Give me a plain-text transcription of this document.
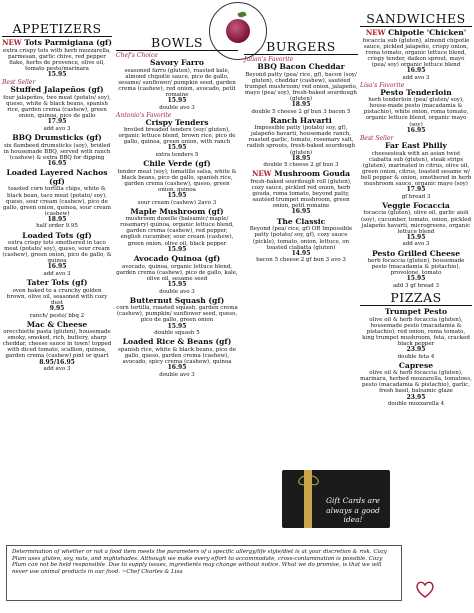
APPETIZERS
NEW Tots Parmigiana (gf)
extra crispy tots with herb mozzarella, parmesan, garlic chive, red pepper flake, herbs de provence, olive oil, tomato pesto/marinara
15.95
Best Seller
Stuffed Jalapeños (gf)
four jalapeños, two meat (potato/ soy), queso, white & black beans, spanish rice, garden crema (cashew), green onion, quinoa, pico de gallo
17.95
add avo 3
BBQ Drumsticks (gf)
six flambeed drumsticks (soy), broiled in housemade BBQ, served with ranch (cashew) & extra BBQ for dipping
16.95
Loaded Layered Nachos (gf)
toasted corn tortilla chips, white & black bean, taco meat (potato/ soy), queso, sour cream (cashew), pico de gallo, green onion, quinoa, sour cream (cashew)
18.95
half order 9.95
Loaded Tots (gf)
extra crispy tots smothered in taco meat (potato/ soy), queso, sour cream (cashew), green onion, pico de gallo, & quinoa
16.95
add avo 3
Tater Tots (gf)
oven baked to a crunchy golden brown, olive oil, seasoned with cozy dust
9.95
ranch/ pesto/ bbq 2
Mac & Cheese
orecchiette pasta (gluten), housemade smoky, smoked, rich, buttery, sharp cheddar, cheese sauce in town! topped with diced tomato, scallion, quinoa, garden crema (cashew) pint or quart
8.95/16.95
add avo 3
BOWLS
Chef's Choice
Savory Farro
seasoned farro (gluten), roasted kale, almond chipotle sauce, pico de gallo, sesame/ sunflower/ pumpkin seed, garden crema (cashew), red onion, avocado, petit romaine
15.95
double avo 3
Antonio's Favorite
Crispy Tenders
broiled breaded tenders (soy/ gluten), organic lettuce blend, brown rice, pico de gallo, quinoa, green onion, with ranch
15.95
extra tenders 5
Chile Verde (gf)
tender meat (soy), tomatillo salsa, white & black beans, pico de gallo, spanish rice, garden crema (cashew), queso, green onion, quinoa
15.95
sour cream (cashew) 2avo 3
Maple Mushroom (gf)
mushroom duxelle (balsamic/ maple/ rosemary) quinoa, organic lettuce blend, garden crema (cashew), red pepper, english cucumber, sour cream (cashew), green onion, olive oil, black pepper
15.95
Avocado Quinoa (gf)
avocado, quinoa, organic lettuce blend, garden crema (cashew), pico de gallo, kale, olive oil, sesame seed
15.95
double avo 3
Butternut Squash (gf)
corn tortilla, roasted squash, garden crema (cashew), pumpkin/ sunflower seed, queso, pico de gallo, green onion
15.95
double squash 5
Loaded Rice & Beans (gf)
spanish rice, white & black beans, pico de gallo, queso, garden crema (cashew), avocado, spicy crema (cashew), quinoa
16.95
double avo 3
BURGERS
Julian's Favorite
BBQ Bacon Cheddar
Beyond patty (pea/ rice, gf), bacon (soy/ gluten), cheddar (cashew), sautéed trumpet mushroom/ red onion, jalapeño, mayo (pea/ soy), fresh-baked sourdough (gluten)
18.95
double 5 cheese 2 gf bun 3 bacon 5
Ranch Havarti
Impossible patty (potato/ soy, gf), jalapeño havarti, housemade ranch, roasted garlic, tomato, rosemary salt, radish sprouts, fresh-baked sourdough (gluten)
18.95
double 5 cheese 2 gf bun 3
NEW Mushroom Gouda
fresh-baked sourdough roll (gluten), cozy sauce, pickled red onion, herb gouda, roma tomato, beyond patty, sautéed trumpet mushroom, green onion, petit romaine
16.95
The Classic
Beyond (pea/ rice, gf) OR Impossible patty (potato/ soy, gf), cozy sauce (pickle), tomato, onion, lettuce, on toasted ciabatta (gluten)
14.95
bacon 5 cheese 2 gf bun 3 avo 3
SANDWICHES
NEW Chipotle 'Chicken'
focaccia sub (gluten), almond chipotle sauce, pickled jalapeño, crispy onion, roma tomato, organic lettuce blend, crispy tender, daikon sprout, mayo (pea/ soy) organic lettuce blend
16.95
add avo 3
Lisa's Favorite
Pesto Tenderloin
herb tenderloin (pea/ gluten/ soy), house-made pesto (macadamia & pistachio), white onion, roma tomato, organic lettuce blend, organic mayo (soy)
16.95
Best Seller
Far East Philly
cheesesteak with an asian twist ciabatta sub (gluten), steak strips (gluten), marinated in citrus, olive oil, green onion, citrus, toasted sesame w/ bell pepper & onion, smothered in herb mushroom sauce, organic mayo (soy)
17.95
gf bread 3
Veggie Focaccia
focaccia (gluten), olive oil, garlic aioli (soy), cucumber, tomato, onion, pickled jalapeño havarti, microgreens, organic lettuce blend
15.95
add avo 3
Pesto Grilled Cheese
herb focaccia (gluten), housemade pesto (macadamia & pistachio), provolone, tomato
15.95
add 3 gf bread 3
PIZZAS
Trumpet Pesto
olive oil & herb focaccia (gluten), housemade pesto (macadamia & pistachio), red onion, roma tomato, king trumpet mushroom, feta, cracked black pepper
23.95
double feta 4
Caprese
olive oil & herb focaccia (gluten), marinara, herbed mozzarella, tomatoes, pesto (macadamia & pistachio), garlic, fresh basil, balsamic glaze
23.95
double mozzarella 4
Gift Cards are
always a good idea!
Determination of whether or not a food item meets the parameters of a specific allergy/life style/diet is at your discretion & risk. Cozy Plum uses gluten, soy, nuts, and nightshades. Although we make every effort to accommodate, cross-contamination is possible. Cozy Plum can not be held responsible. Due to supply issues, ingredients may change without notice. What we do promise, is that we will never use animal products in our food. ~Chef Charles & Lisa
